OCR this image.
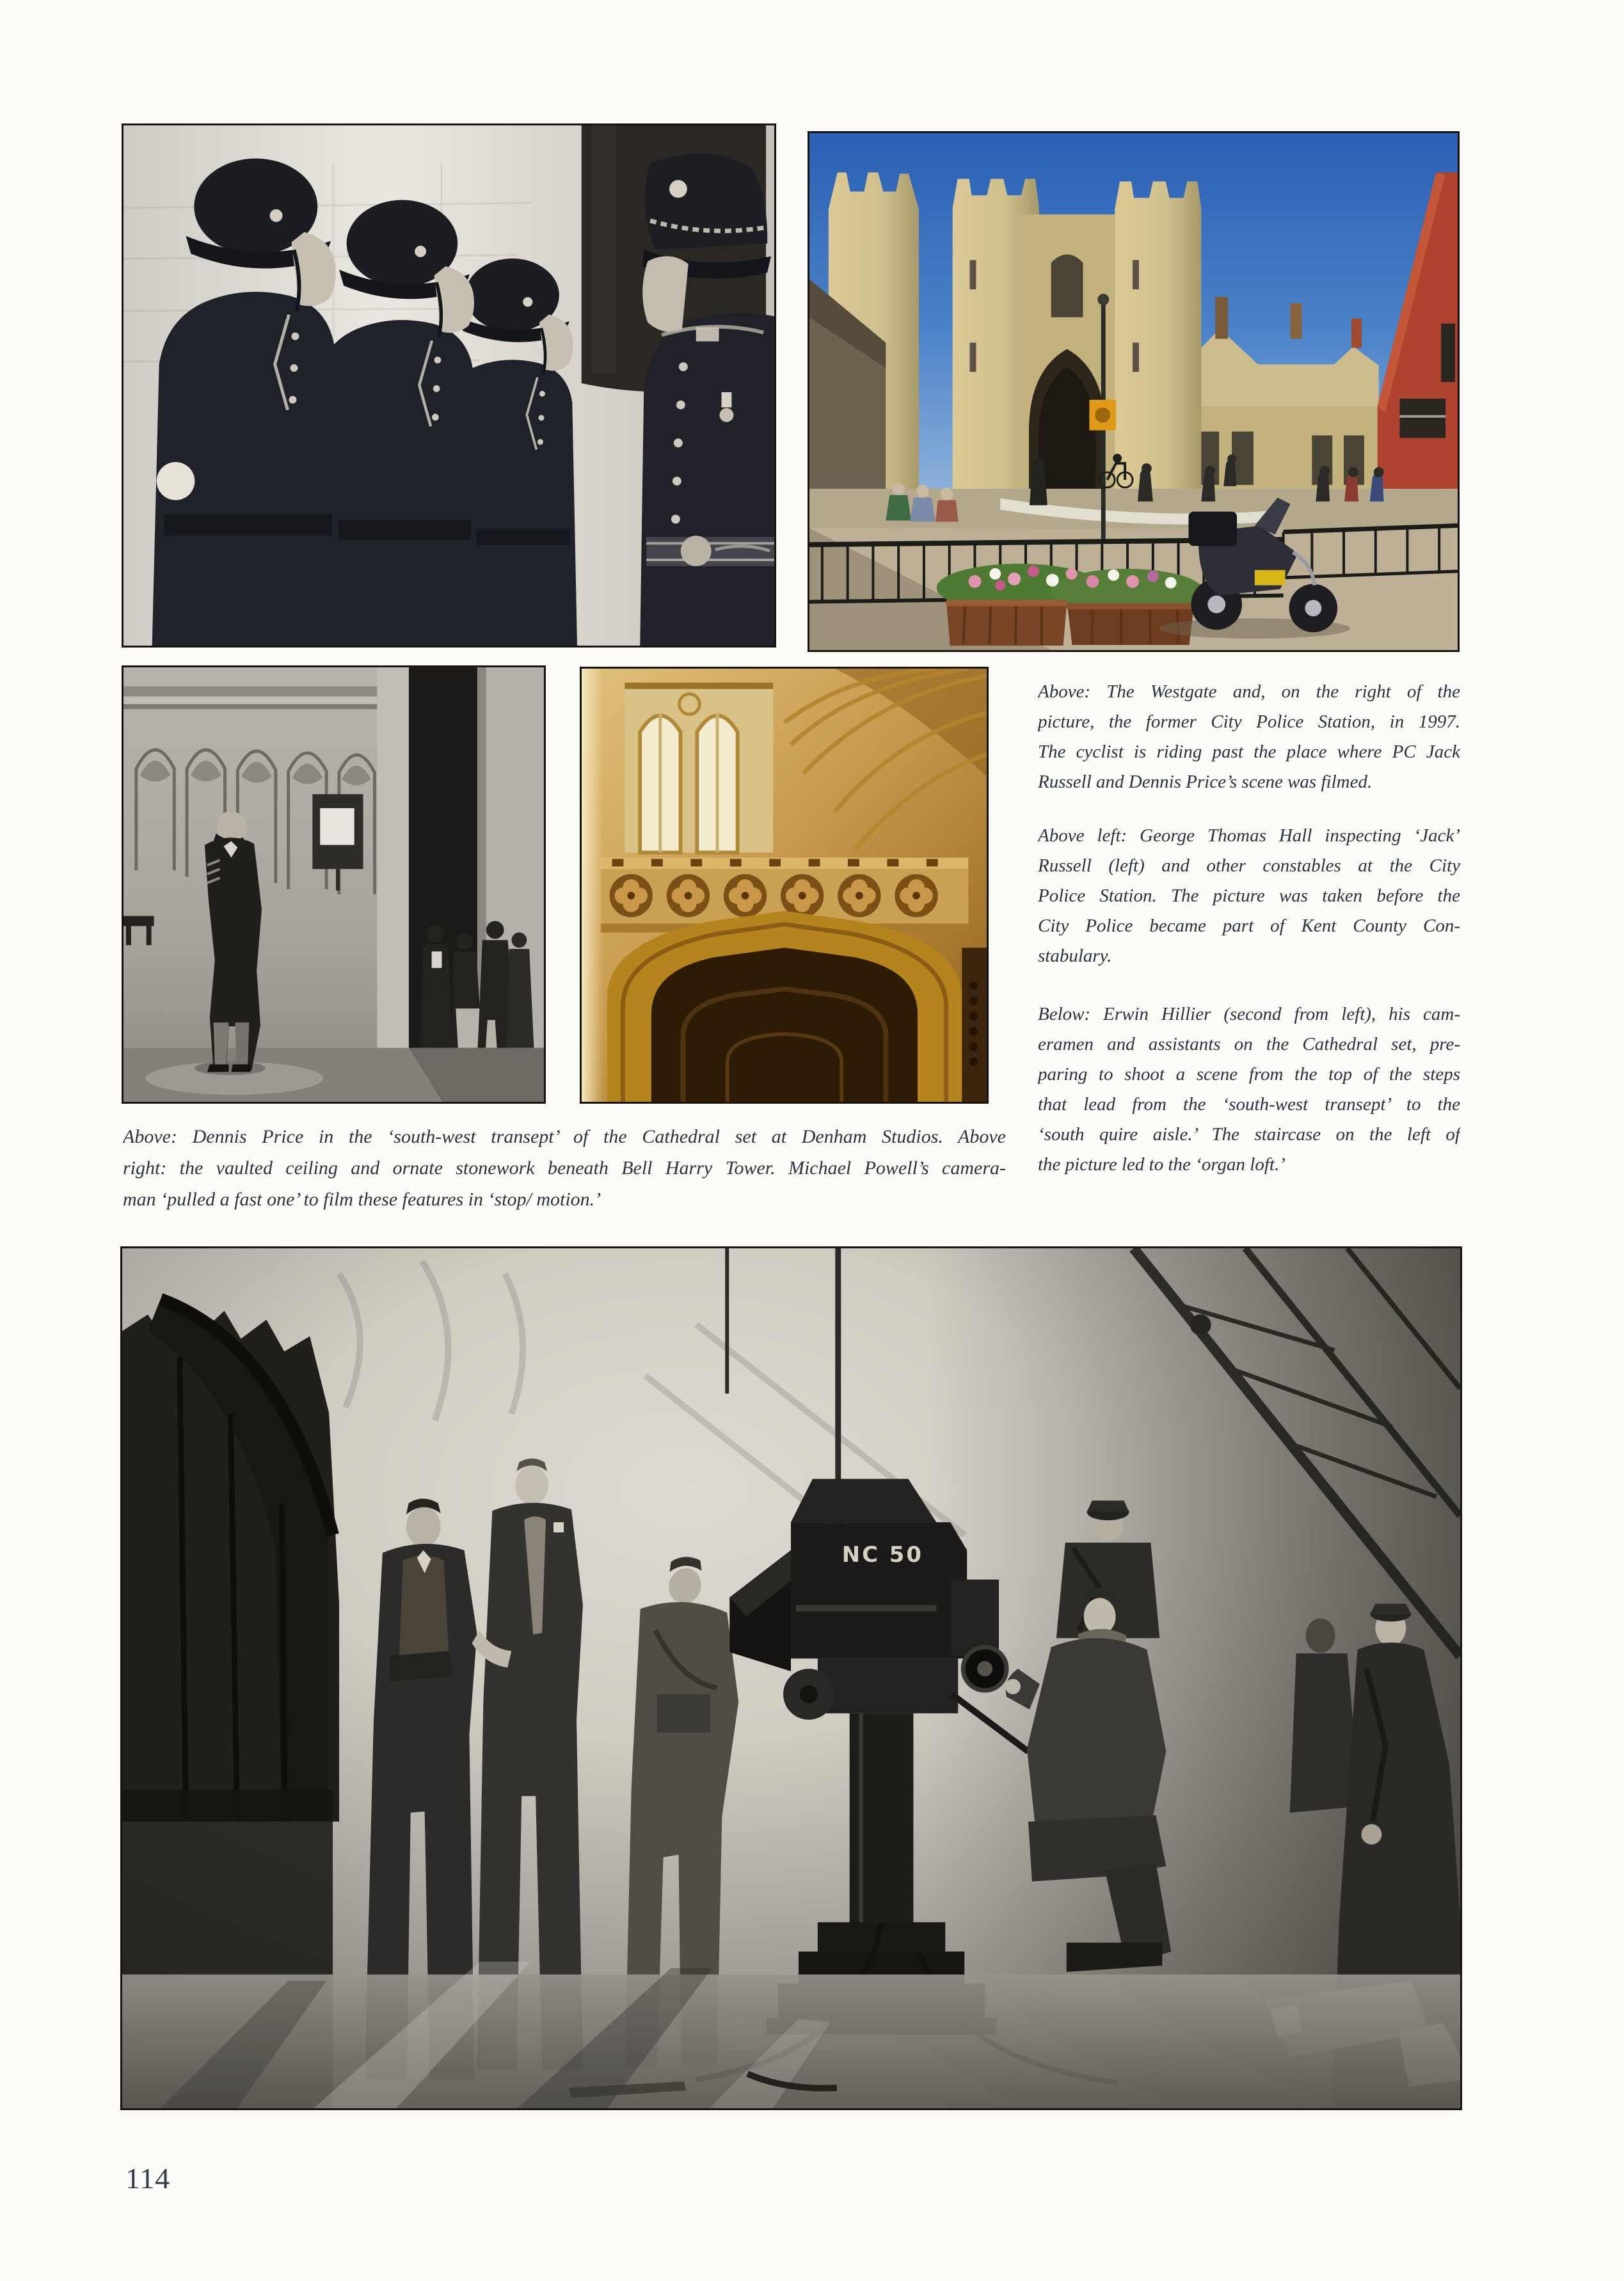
Above: The Westgate and, on the right of the
picture, the former City Police Station, in 1997.
The cyclist is riding past the place where PC Jack
Russell and Dennis Price’s scene was filmed.
Above left: George Thomas Hall inspecting ‘Jack’
Russell (left) and other constables at the City
Police Station. The picture was taken before the
City Police became part of Kent County Con-
stabulary.
Below: Erwin Hillier (second from left), his cam-
eramen and assistants on the Cathedral set, pre-
paring to shoot a scene from the top of the steps
that lead from the ‘south-west transept’ to the
‘south quire aisle.’ The staircase on the left of
the picture led to the ‘organ loft.’
Above: Dennis Price in the ‘south-west transept’ of the Cathedral set at Denham Studios. Above
right: the vaulted ceiling and ornate stonework beneath Bell Harry Tower. Michael Powell’s camera-
man ‘pulled a fast one’ to film these features in ‘stop/ motion.’
NC 50
114
